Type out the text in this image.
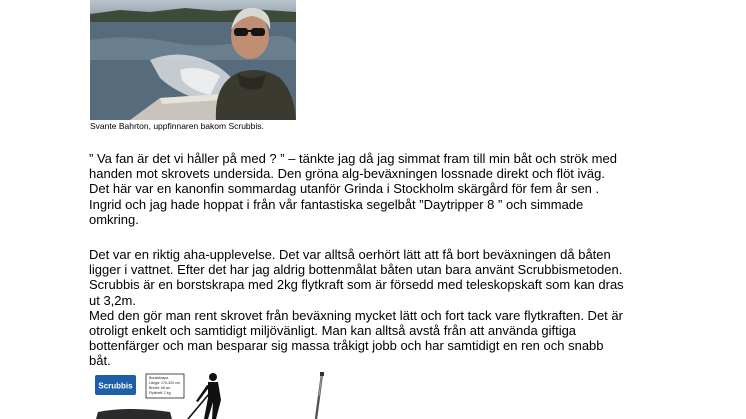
Svante Bahrton, uppfinnaren bakom Scrubbis.
” Va fan är det vi håller på med ? ” – tänkte jag då jag simmat fram till min båt och strök med
handen mot skrovets undersida. Den gröna alg-beväxningen lossnade direkt och flöt iväg.
Det här var en kanonfin sommardag utanför Grinda i Stockholm skärgård för fem år sen .
Ingrid och jag hade hoppat i från vår fantastiska segelbåt ”Daytripper 8 ” och simmade
omkring.
Det var en riktig aha-upplevelse. Det var alltså oerhört lätt att få bort beväxningen då båten
ligger i vattnet. Efter det har jag aldrig bottenmålat båten utan bara använt Scrubbismetoden.
Scrubbis är en borstskrapa med 2kg flytkraft som är försedd med teleskopskaft som kan dras
ut 3,2m.
Med den gör man rent skrovet från beväxning mycket lätt och fort tack vare flytkraften. Det är
otroligt enkelt och samtidigt miljövänligt. Man kan alltså avstå från att använda giftiga
bottenfärger och man besparar sig massa tråkigt jobb och har samtidigt en ren och snabb
båt.
Scrubbis
Borstskrapa
Längd: 170-320 cm
Bredd: 48 cm
Flytkraft: 2 kg
